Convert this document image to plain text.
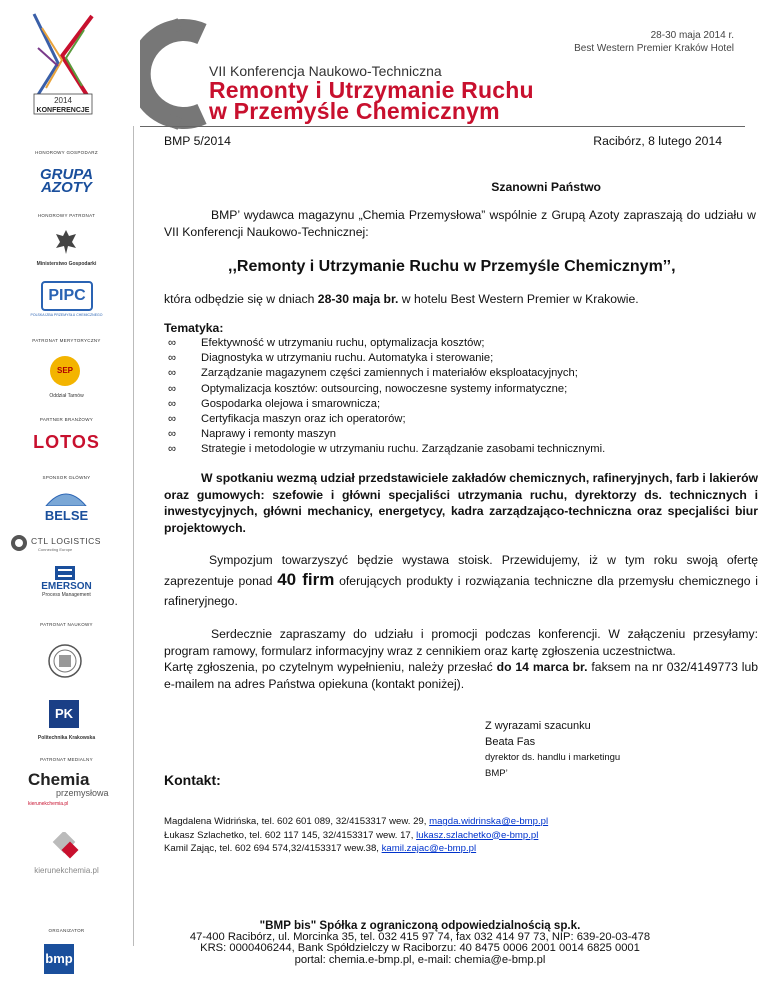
2014
KONFERENCJE
28-30 maja 2014 r.
Best Western Premier Kraków Hotel
VII Konferencja Naukowo-Techniczna
Remonty i Utrzymanie Ruchu
w Przemyśle Chemicznym
HONOROWY GOSPODARZ
GRUPA
AZOTY
HONOROWY PATRONAT
Ministerstwo Gospodarki
PIPC
POLSKA IZBA PRZEMYSŁU CHEMICZNEGO
PATRONAT MERYTORYCZNY
SEP
Oddział Tarnów
PARTNER BRANŻOWY
LOTOS
SPONSOR GŁÓWNY
BELSE
CTL LOGISTICS
Connecting Europe
EMERSON
Process Management
PATRONAT NAUKOWY
PK
Politechnika Krakowska
PATRONAT MEDIALNY
Chemia
przemysłowa
kierunekchemia.pl
kierunekchemia.pl
ORGANIZATOR
bmp
BMP 5/2014	Racibórz, 8 lutego 2014
Szanowni Państwo
BMP’ wydawca magazynu „Chemia Przemysłowa” wspólnie z Grupą Azoty zapraszają do udziału w VII Konferencji Naukowo-Technicznej:
,,Remonty i Utrzymanie Ruchu w Przemyśle Chemicznym’’,
która odbędzie się w dniach 28-30 maja br. w hotelu Best Western Premier w Krakowie.
Tematyka:
∞	Efektywność w utrzymaniu ruchu, optymalizacja kosztów;
∞	Diagnostyka w utrzymaniu ruchu. Automatyka i sterowanie;
∞	Zarządzanie magazynem części zamiennych i materiałów eksploatacyjnych;
∞	Optymalizacja kosztów: outsourcing, nowoczesne systemy informatyczne;
∞	Gospodarka olejowa i smarownicza;
∞	Certyfikacja maszyn oraz ich operatorów;
∞	Naprawy i remonty maszyn
∞	Strategie i metodologie w utrzymaniu ruchu. Zarządzanie zasobami technicznymi.
W spotkaniu wezmą udział przedstawiciele zakładów chemicznych, rafineryjnych, farb i lakierów oraz gumowych: szefowie i główni specjaliści utrzymania ruchu, dyrektorzy ds. technicznych i inwestycyjnych, główni mechanicy, energetycy, kadra zarządzająco-techniczna oraz specjaliści biur projektowych.
Sympozjum towarzyszyć będzie wystawa stoisk. Przewidujemy, iż w tym roku swoją ofertę zaprezentuje ponad 40 firm oferujących produkty i rozwiązania techniczne dla przemysłu chemicznego i rafineryjnego.
Serdecznie zapraszamy do udziału i promocji podczas konferencji. W załączeniu przesyłamy: program ramowy, formularz informacyjny wraz z cennikiem oraz kartę zgłoszenia uczestnictwa.
Kartę zgłoszenia, po czytelnym wypełnieniu, należy przesłać do 14 marca br. faksem na nr 032/4149773 lub e-mailem na adres Państwa opiekuna (kontakt poniżej).
Z wyrazami szacunku
Beata Fas
dyrektor ds. handlu i marketingu
BMP’
Kontakt:
Magdalena Widrińska, tel. 602 601 089, 32/4153317 wew. 29, magda.widrinska@e-bmp.pl
Łukasz Szlachetko, tel. 602 117 145, 32/4153317 wew. 17, lukasz.szlachetko@e-bmp.pl
Kamil Zając, tel. 602 694 574,32/4153317 wew.38, kamil.zajac@e-bmp.pl
"BMP bis" Spółka z ograniczoną odpowiedzialnością sp.k.
47-400 Racibórz, ul. Morcinka 35, tel. 032 415 97 74, fax 032 414 97 73, NIP: 639-20-03-478
KRS: 0000406244, Bank Spółdzielczy w Raciborzu: 40 8475 0006 2001 0014 6825 0001
portal: chemia.e-bmp.pl, e-mail: chemia@e-bmp.pl
